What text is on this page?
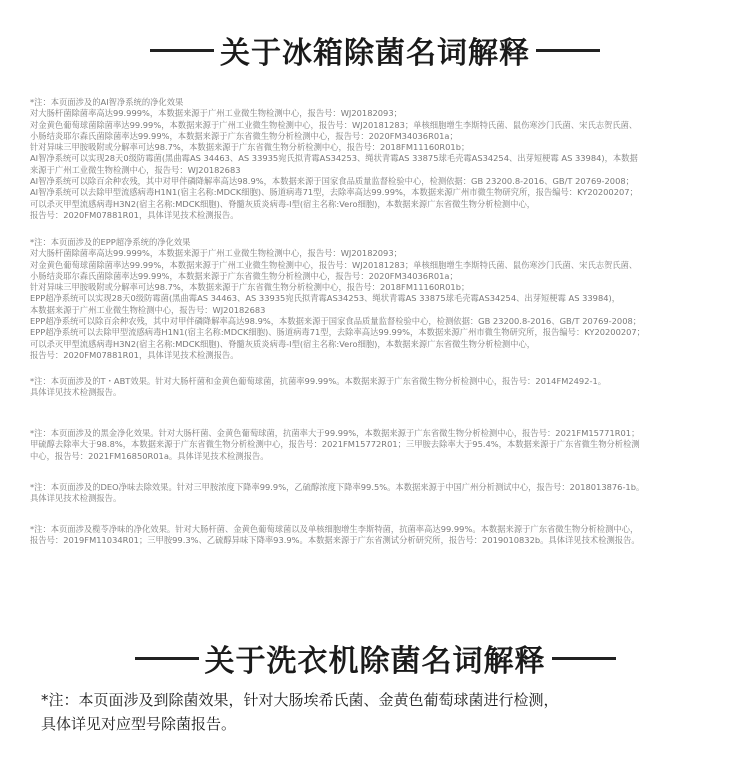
关于冰箱除菌名词解释
*注：本页面涉及的AI智净系统的净化效果
对大肠杆菌除菌率高达99.999%，本数据来源于广州工业微生物检测中心，报告号：WJ20182093；
对金黄色葡萄球菌除菌率达99.99%，本数据来源于广州工业微生物检测中心，报告号：WJ20181283；单核细胞增生李斯特氏菌、鼠伤寒沙门氏菌、宋氏志贺氏菌、
小肠结炎耶尔森氏菌除菌率达99.99%，本数据来源于广东省微生物分析检测中心，报告号：2020FM34036R01a；
针对异味三甲胺吸附或分解率可达98.7%，本数据来源于广东省微生物分析检测中心，报告号：2018FM11160R01b；
AI智净系统可以实现28天0级防霉菌(黑曲霉AS 34463、AS 33935宛氏拟青霉AS34253、绳状青霉AS 33875球毛壳霉AS34254、出芽短梗霉 AS 33984)，本数据
来源于广州工业微生物检测中心，报告号：WJ20182683
AI智净系统可以除百余种农残，其中对甲伴磷降解率高达98.9%，本数据来源于国家食品质量监督检验中心，检测依据：GB 23200.8-2016、GB/T 20769-2008；
AI智净系统可以去除甲型流感病毒H1N1(宿主名称:MDCK细胞)、肠道病毒71型，去除率高达99.99%，本数据来源广州市微生物研究所，报告编号：KY20200207；
可以杀灭甲型流感病毒H3N2(宿主名称:MDCK细胞)、脊髓灰质炎病毒-I型(宿主名称:Vero细胞)，本数据来源广东省微生物分析检测中心，
报告号：2020FM07881R01，具体详见技术检测报告。
*注：本页面涉及的EPP超净系统的净化效果
对大肠杆菌除菌率高达99.999%，本数据来源于广州工业微生物检测中心，报告号：WJ20182093；
对金黄色葡萄球菌除菌率达99.99%，本数据来源于广州工业微生物检测中心，报告号：WJ20181283；单核细胞增生李斯特氏菌、鼠伤寒沙门氏菌、宋氏志贺氏菌、
小肠结炎耶尔森氏菌除菌率达99.99%，本数据来源于广东省微生物分析检测中心，报告号：2020FM34036R01a；
针对异味三甲胺吸附或分解率可达98.7%，本数据来源于广东省微生物分析检测中心，报告号：2018FM11160R01b；
EPP超净系统可以实现28天0级防霉菌(黑曲霉AS 34463、AS 33935宛氏拟青霉AS34253、绳状青霉AS 33875球毛壳霉AS34254、出芽短梗霉 AS 33984)，
本数据来源于广州工业微生物检测中心，报告号：WJ20182683
EPP超净系统可以除百余种农残，其中对甲伴磷降解率高达98.9%，本数据来源于国家食品质量监督检验中心，检测依据：GB 23200.8-2016、GB/T 20769-2008；
EPP超净系统可以去除甲型流感病毒H1N1(宿主名称:MDCK细胞)、肠道病毒71型，去除率高达99.99%，本数据来源广州市微生物研究所，报告编号：KY20200207；
可以杀灭甲型流感病毒H3N2(宿主名称:MDCK细胞)、脊髓灰质炎病毒-I型(宿主名称:Vero细胞)，本数据来源广东省微生物分析检测中心，
报告号：2020FM07881R01，具体详见技术检测报告。
*注：本页面涉及的T・ABT效果。针对大肠杆菌和金黄色葡萄球菌，抗菌率99.99%。本数据来源于广东省微生物分析检测中心，报告号：2014FM2492-1。
具体详见技术检测报告。
*注：本页面涉及的黑金净化效果。针对大肠杆菌、金黄色葡萄球菌，抗菌率大于99.99%，本数据来源于广东省微生物分析检测中心，报告号：2021FM15771R01；
甲硫醇去除率大于98.8%，本数据来源于广东省微生物分析检测中心，报告号：2021FM15772R01；三甲胺去除率大于95.4%，本数据来源于广东省微生物分析检测
中心，报告号：2021FM16850R01a。具体详见技术检测报告。
*注：本页面涉及的DEO净味去除效果。针对三甲胺浓度下降率99.9%，乙硫醇浓度下降率99.5%。本数据来源于中国广州分析测试中心，报告号：2018013876-1b。
具体详见技术检测报告。
*注：本页面涉及榄苓净味的净化效果。针对大肠杆菌、金黄色葡萄球菌以及单核细胞增生李斯特菌，抗菌率高达99.99%。本数据来源于广东省微生物分析检测中心，
报告号：2019FM11034R01；三甲胺99.3%、乙硫醇异味下降率93.9%。本数据来源于广东省测试分析研究所，报告号：2019010832b。具体详见技术检测报告。
关于洗衣机除菌名词解释
*注：本页面涉及到除菌效果，针对大肠埃希氏菌、金黄色葡萄球菌进行检测，
具体详见对应型号除菌报告。
